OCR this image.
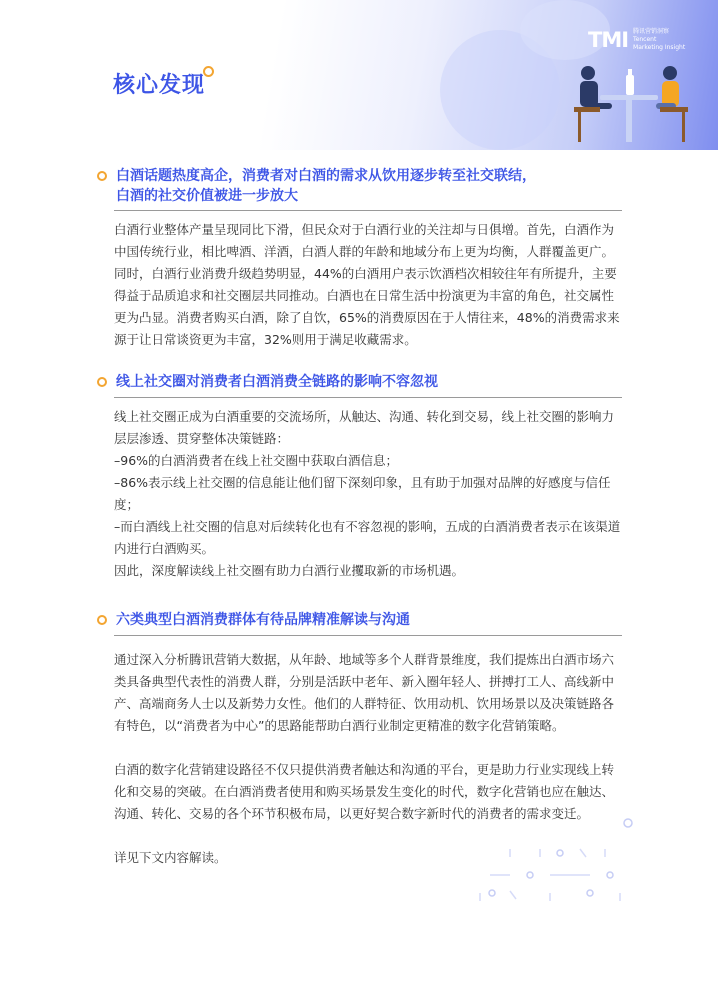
核心发现
TMI 腾讯营销洞察
Tencent
Marketing Insight
白酒话题热度高企，消费者对白酒的需求从饮用逐步转至社交联结，
白酒的社交价值被进一步放大

白酒行业整体产量呈现同比下滑，但民众对于白酒行业的关注却与日俱增。首先，白酒作为中国传统行业，相比啤酒、洋酒，白酒人群的年龄和地域分布上更为均衡，人群覆盖更广。同时，白酒行业消费升级趋势明显，44%的白酒用户表示饮酒档次相较往年有所提升，主要得益于品质追求和社交圈层共同推动。白酒也在日常生活中扮演更为丰富的角色，社交属性更为凸显。消费者购买白酒，除了自饮，65%的消费原因在于人情往来，48%的消费需求来源于让日常谈资更为丰富，32%则用于满足收藏需求。

线上社交圈对消费者白酒消费全链路的影响不容忽视

线上社交圈正成为白酒重要的交流场所，从触达、沟通、转化到交易，线上社交圈的影响力层层渗透、贯穿整体决策链路：

–96%的白酒消费者在线上社交圈中获取白酒信息；

–86%表示线上社交圈的信息能让他们留下深刻印象，且有助于加强对品牌的好感度与信任度；

–而白酒线上社交圈的信息对后续转化也有不容忽视的影响，五成的白酒消费者表示在该渠道内进行白酒购买。

因此，深度解读线上社交圈有助力白酒行业攫取新的市场机遇。

六类典型白酒消费群体有待品牌精准解读与沟通

通过深入分析腾讯营销大数据，从年龄、地域等多个人群背景维度，我们提炼出白酒市场六类具备典型代表性的消费人群，分别是活跃中老年、新入圈年轻人、拼搏打工人、高线新中产、高端商务人士以及新势力女性。他们的人群特征、饮用动机、饮用场景以及决策链路各有特色，以“消费者为中心”的思路能帮助白酒行业制定更精准的数字化营销策略。

白酒的数字化营销建设路径不仅只提供消费者触达和沟通的平台，更是助力行业实现线上转化和交易的突破。在白酒消费者使用和购买场景发生变化的时代，数字化营销也应在触达、沟通、转化、交易的各个环节积极布局，以更好契合数字新时代的消费者的需求变迁。

详见下文内容解读。
